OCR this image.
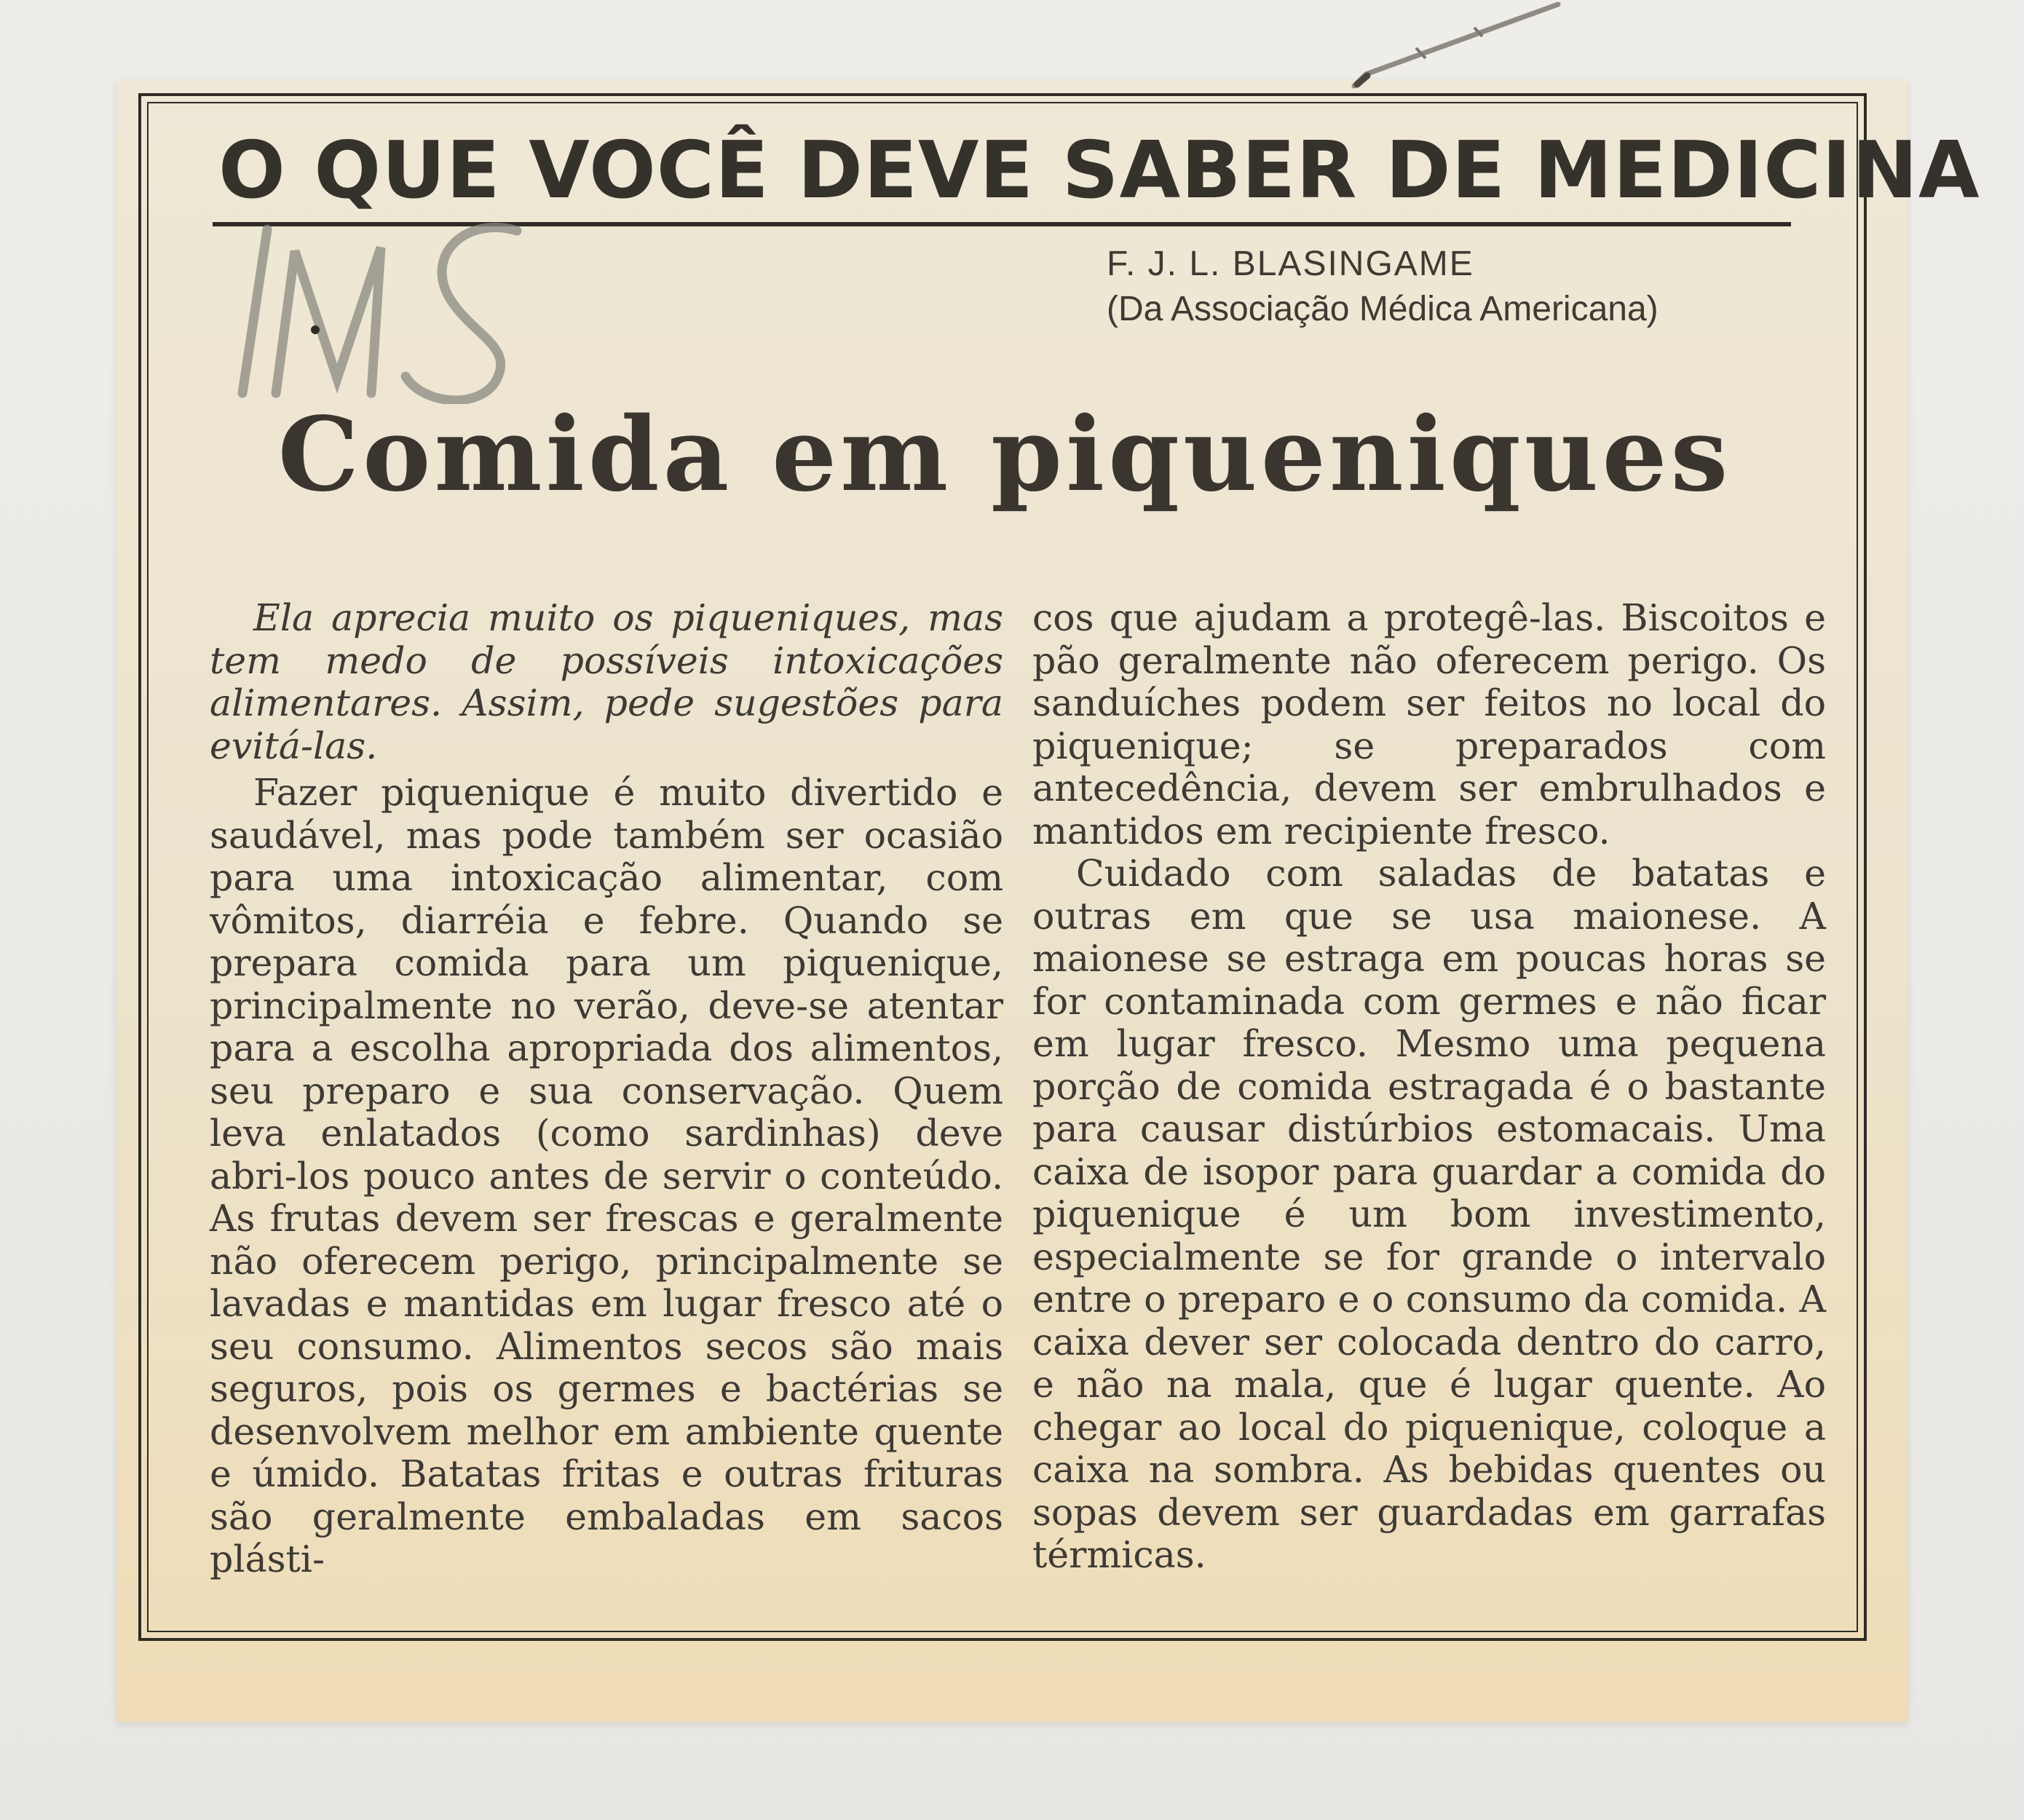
O QUE VOCÊ DEVE SABER DE MEDICINA
F. J. L. BLASINGAME
(Da Associação Médica Americana)
Comida em piqueniques

Ela aprecia muito os piqueniques, mas tem medo de possíveis intoxicações alimentares. Assim, pede sugestões para evitá-las.

Fazer piquenique é muito divertido e saudável, mas pode também ser ocasião para uma intoxicação alimentar, com vômitos, diarréia e febre. Quando se prepara comida para um piquenique, principalmente no verão, deve-se atentar para a escolha apropriada dos alimentos, seu preparo e sua conservação. Quem leva enlatados (como sardinhas) deve abri-los pouco antes de servir o conteúdo. As frutas devem ser frescas e geralmente não oferecem perigo, principalmente se lavadas e mantidas em lugar fresco até o seu consumo. Alimentos secos são mais seguros, pois os germes e bactérias se desenvolvem melhor em ambiente quente e úmido. Batatas fritas e outras frituras são geralmente embaladas em sacos plásti-

cos que ajudam a protegê-las. Biscoitos e pão geralmente não oferecem perigo. Os sanduíches podem ser feitos no local do piquenique; se preparados com antecedência, devem ser embrulhados e mantidos em recipiente fresco.

Cuidado com saladas de batatas e outras em que se usa maionese. A maionese se estraga em poucas horas se for contaminada com germes e não ficar em lugar fresco. Mesmo uma pequena porção de comida estragada é o bastante para causar distúrbios estomacais. Uma caixa de isopor para guardar a comida do piquenique é um bom investimento, especialmente se for grande o intervalo entre o preparo e o consumo da comida. A caixa dever ser colocada dentro do carro, e não na mala, que é lugar quente. Ao chegar ao local do piquenique, coloque a caixa na sombra. As bebidas quentes ou sopas devem ser guardadas em garrafas térmicas.
